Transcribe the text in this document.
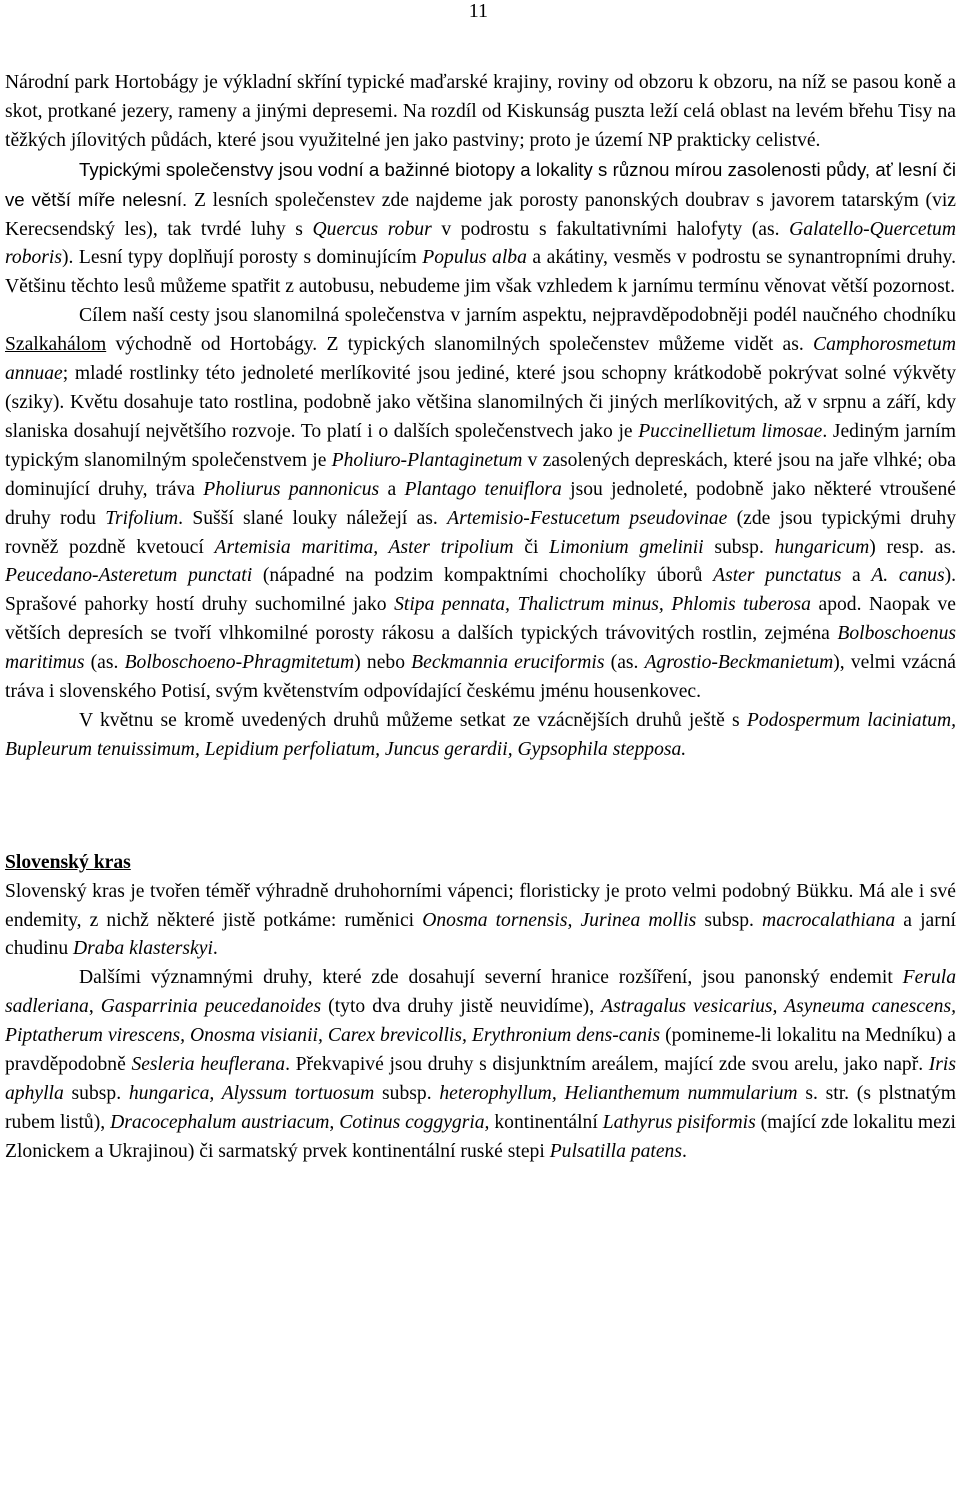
11

Národní park Hortobágy je výkladní skříní typické maďarské krajiny, roviny od obzoru k obzoru, na níž se pasou koně a skot, protkané jezery, rameny a jinými depresemi. Na rozdíl od Kiskunság puszta leží celá oblast na levém břehu Tisy na těžkých jílovitých půdách, které jsou využitelné jen jako pastviny; proto je území NP prakticky celistvé.

Typickými společenstvy jsou vodní a bažinné biotopy a lokality s různou mírou zasolenosti půdy, ať lesní či ve větší míře nelesní. Z lesních společenstev zde najdeme jak porosty panonských doubrav s javorem tatarským (viz Kerecsendský les), tak tvrdé luhy s Quercus robur v podrostu s fakultativními halofyty (as. Galatello-Quercetum roboris). Lesní typy doplňují porosty s dominujícím Populus alba a akátiny, vesměs v podrostu se synantropními druhy. Většinu těchto lesů můžeme spatřit z autobusu, nebudeme jim však vzhledem k jarnímu termínu věnovat větší pozornost.

Cílem naší cesty jsou slanomilná společenstva v jarním aspektu, nejpravděpodobněji podél naučného chodníku Szalkahálom východně od Hortobágy. Z typických slanomilných společenstev můžeme vidět as. Camphorosmetum annuae; mladé rostlinky této jednoleté merlíkovité jsou jediné, které jsou schopny krátkodobě pokrývat solné výkvěty (sziky). Květu dosahuje tato rostlina, podobně jako většina slanomilných či jiných merlíkovitých, až v srpnu a září, kdy slaniska dosahují největšího rozvoje. To platí i o dalších společenstvech jako je Puccinellietum limosae. Jediným jarním typickým slanomilným společenstvem je Pholiuro-Plantaginetum v zasolených depreskách, které jsou na jaře vlhké; oba dominující druhy, tráva Pholiurus pannonicus a Plantago tenuiflora jsou jednoleté, podobně jako některé vtroušené druhy rodu Trifolium. Sušší slané louky náležejí as. Artemisio-Festucetum pseudovinae (zde jsou typickými druhy rovněž pozdně kvetoucí Artemisia maritima, Aster tripolium či Limonium gmelinii subsp. hungaricum) resp. as. Peucedano-Asteretum punctati (nápadné na podzim kompaktními chocholíky úborů Aster punctatus a A. canus). Sprašové pahorky hostí druhy suchomilné jako Stipa pennata, Thalictrum minus, Phlomis tuberosa apod. Naopak ve větších depresích se tvoří vlhkomilné porosty rákosu a dalších typických trávovitých rostlin, zejména Bolboschoenus maritimus (as. Bolboschoeno-Phragmitetum) nebo Beckmannia eruciformis (as. Agrostio-Beckmanietum), velmi vzácná tráva i slovenského Potisí, svým květenstvím odpovídající českému jménu housenkovec.

V květnu se kromě uvedených druhů můžeme setkat ze vzácnějších druhů ještě s Podospermum laciniatum, Bupleurum tenuissimum, Lepidium perfoliatum, Juncus gerardii, Gypsophila stepposa.

Slovenský kras

Slovenský kras je tvořen téměř výhradně druhohorními vápenci; floristicky je proto velmi podobný Bükku. Má ale i své endemity, z nichž některé jistě potkáme: ruměnici Onosma tornensis, Jurinea mollis subsp. macrocalathiana a jarní chudinu Draba klasterskyi.

Dalšími významnými druhy, které zde dosahují severní hranice rozšíření, jsou panonský endemit Ferula sadleriana, Gasparrinia peucedanoides (tyto dva druhy jistě neuvidíme), Astragalus vesicarius, Asyneuma canescens, Piptatherum virescens, Onosma visianii, Carex brevicollis, Erythronium dens-canis (pomineme-li lokalitu na Medníku) a pravděpodobně Sesleria heuflerana. Překvapivé jsou druhy s disjunktním areálem, mající zde svou arelu, jako např. Iris aphylla subsp. hungarica, Alyssum tortuosum subsp. heterophyllum, Helianthemum nummularium s. str. (s plstnatým rubem listů), Dracocephalum austriacum, Cotinus coggygria, kontinentální Lathyrus pisiformis (mající zde lokalitu mezi Zlonickem a Ukrajinou) či sarmatský prvek kontinentální ruské stepi Pulsatilla patens.
